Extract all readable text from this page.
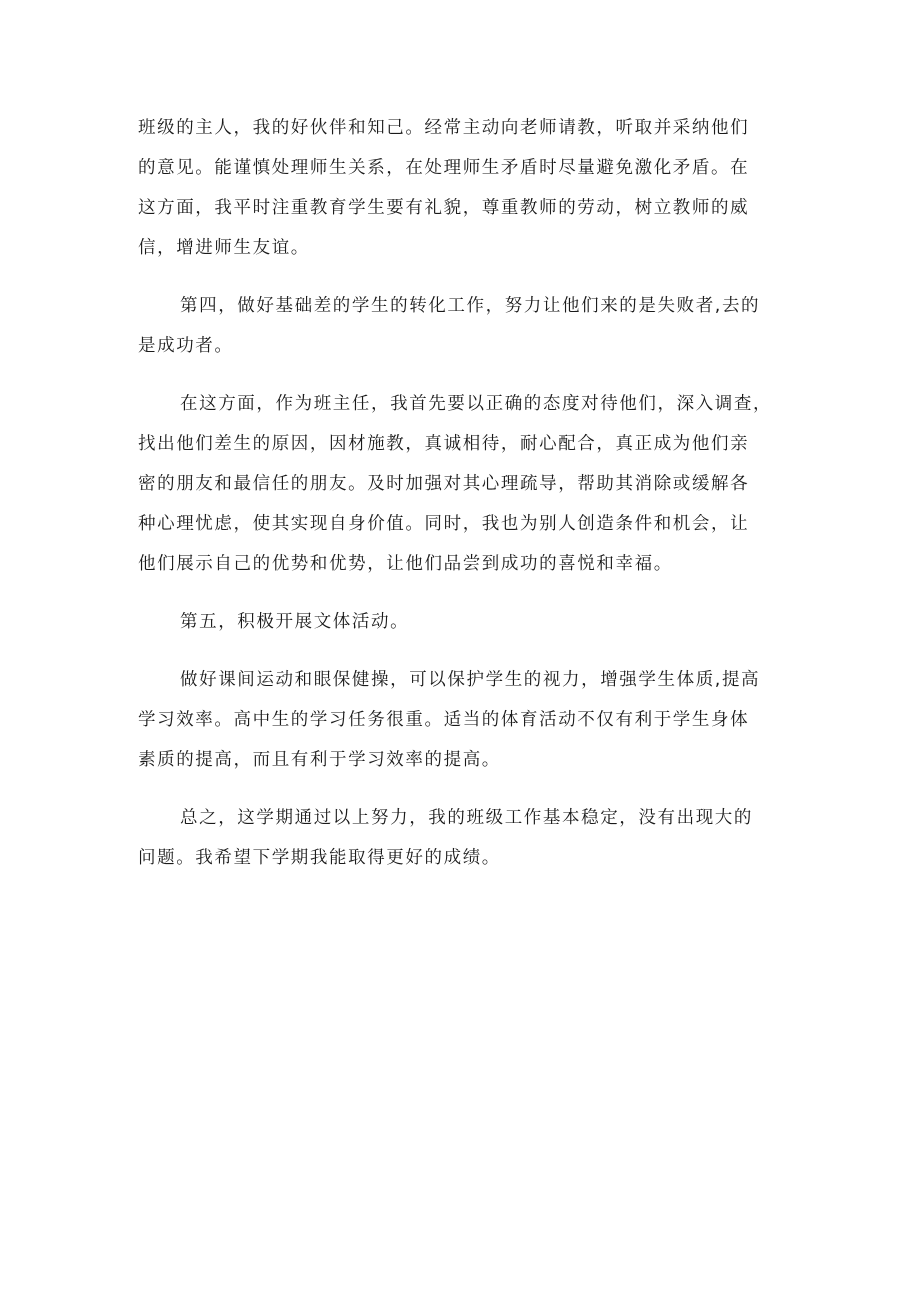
班级的主人，我的好伙伴和知己。经常主动向老师请教，听取并采纳他们
的意见。能谨慎处理师生关系，在处理师生矛盾时尽量避免激化矛盾。在
这方面，我平时注重教育学生要有礼貌，尊重教师的劳动，树立教师的威
信，增进师生友谊。
第四，做好基础差的学生的转化工作，努力让他们来的是失败者,去的
是成功者。
在这方面，作为班主任，我首先要以正确的态度对待他们，深入调查，
找出他们差生的原因，因材施教，真诚相待，耐心配合，真正成为他们亲
密的朋友和最信任的朋友。及时加强对其心理疏导，帮助其消除或缓解各
种心理忧虑，使其实现自身价值。同时，我也为别人创造条件和机会，让
他们展示自己的优势和优势，让他们品尝到成功的喜悦和幸福。
第五，积极开展文体活动。
做好课间运动和眼保健操，可以保护学生的视力，增强学生体质,提高
学习效率。高中生的学习任务很重。适当的体育活动不仅有利于学生身体
素质的提高，而且有利于学习效率的提高。
总之，这学期通过以上努力，我的班级工作基本稳定，没有出现大的
问题。我希望下学期我能取得更好的成绩。
